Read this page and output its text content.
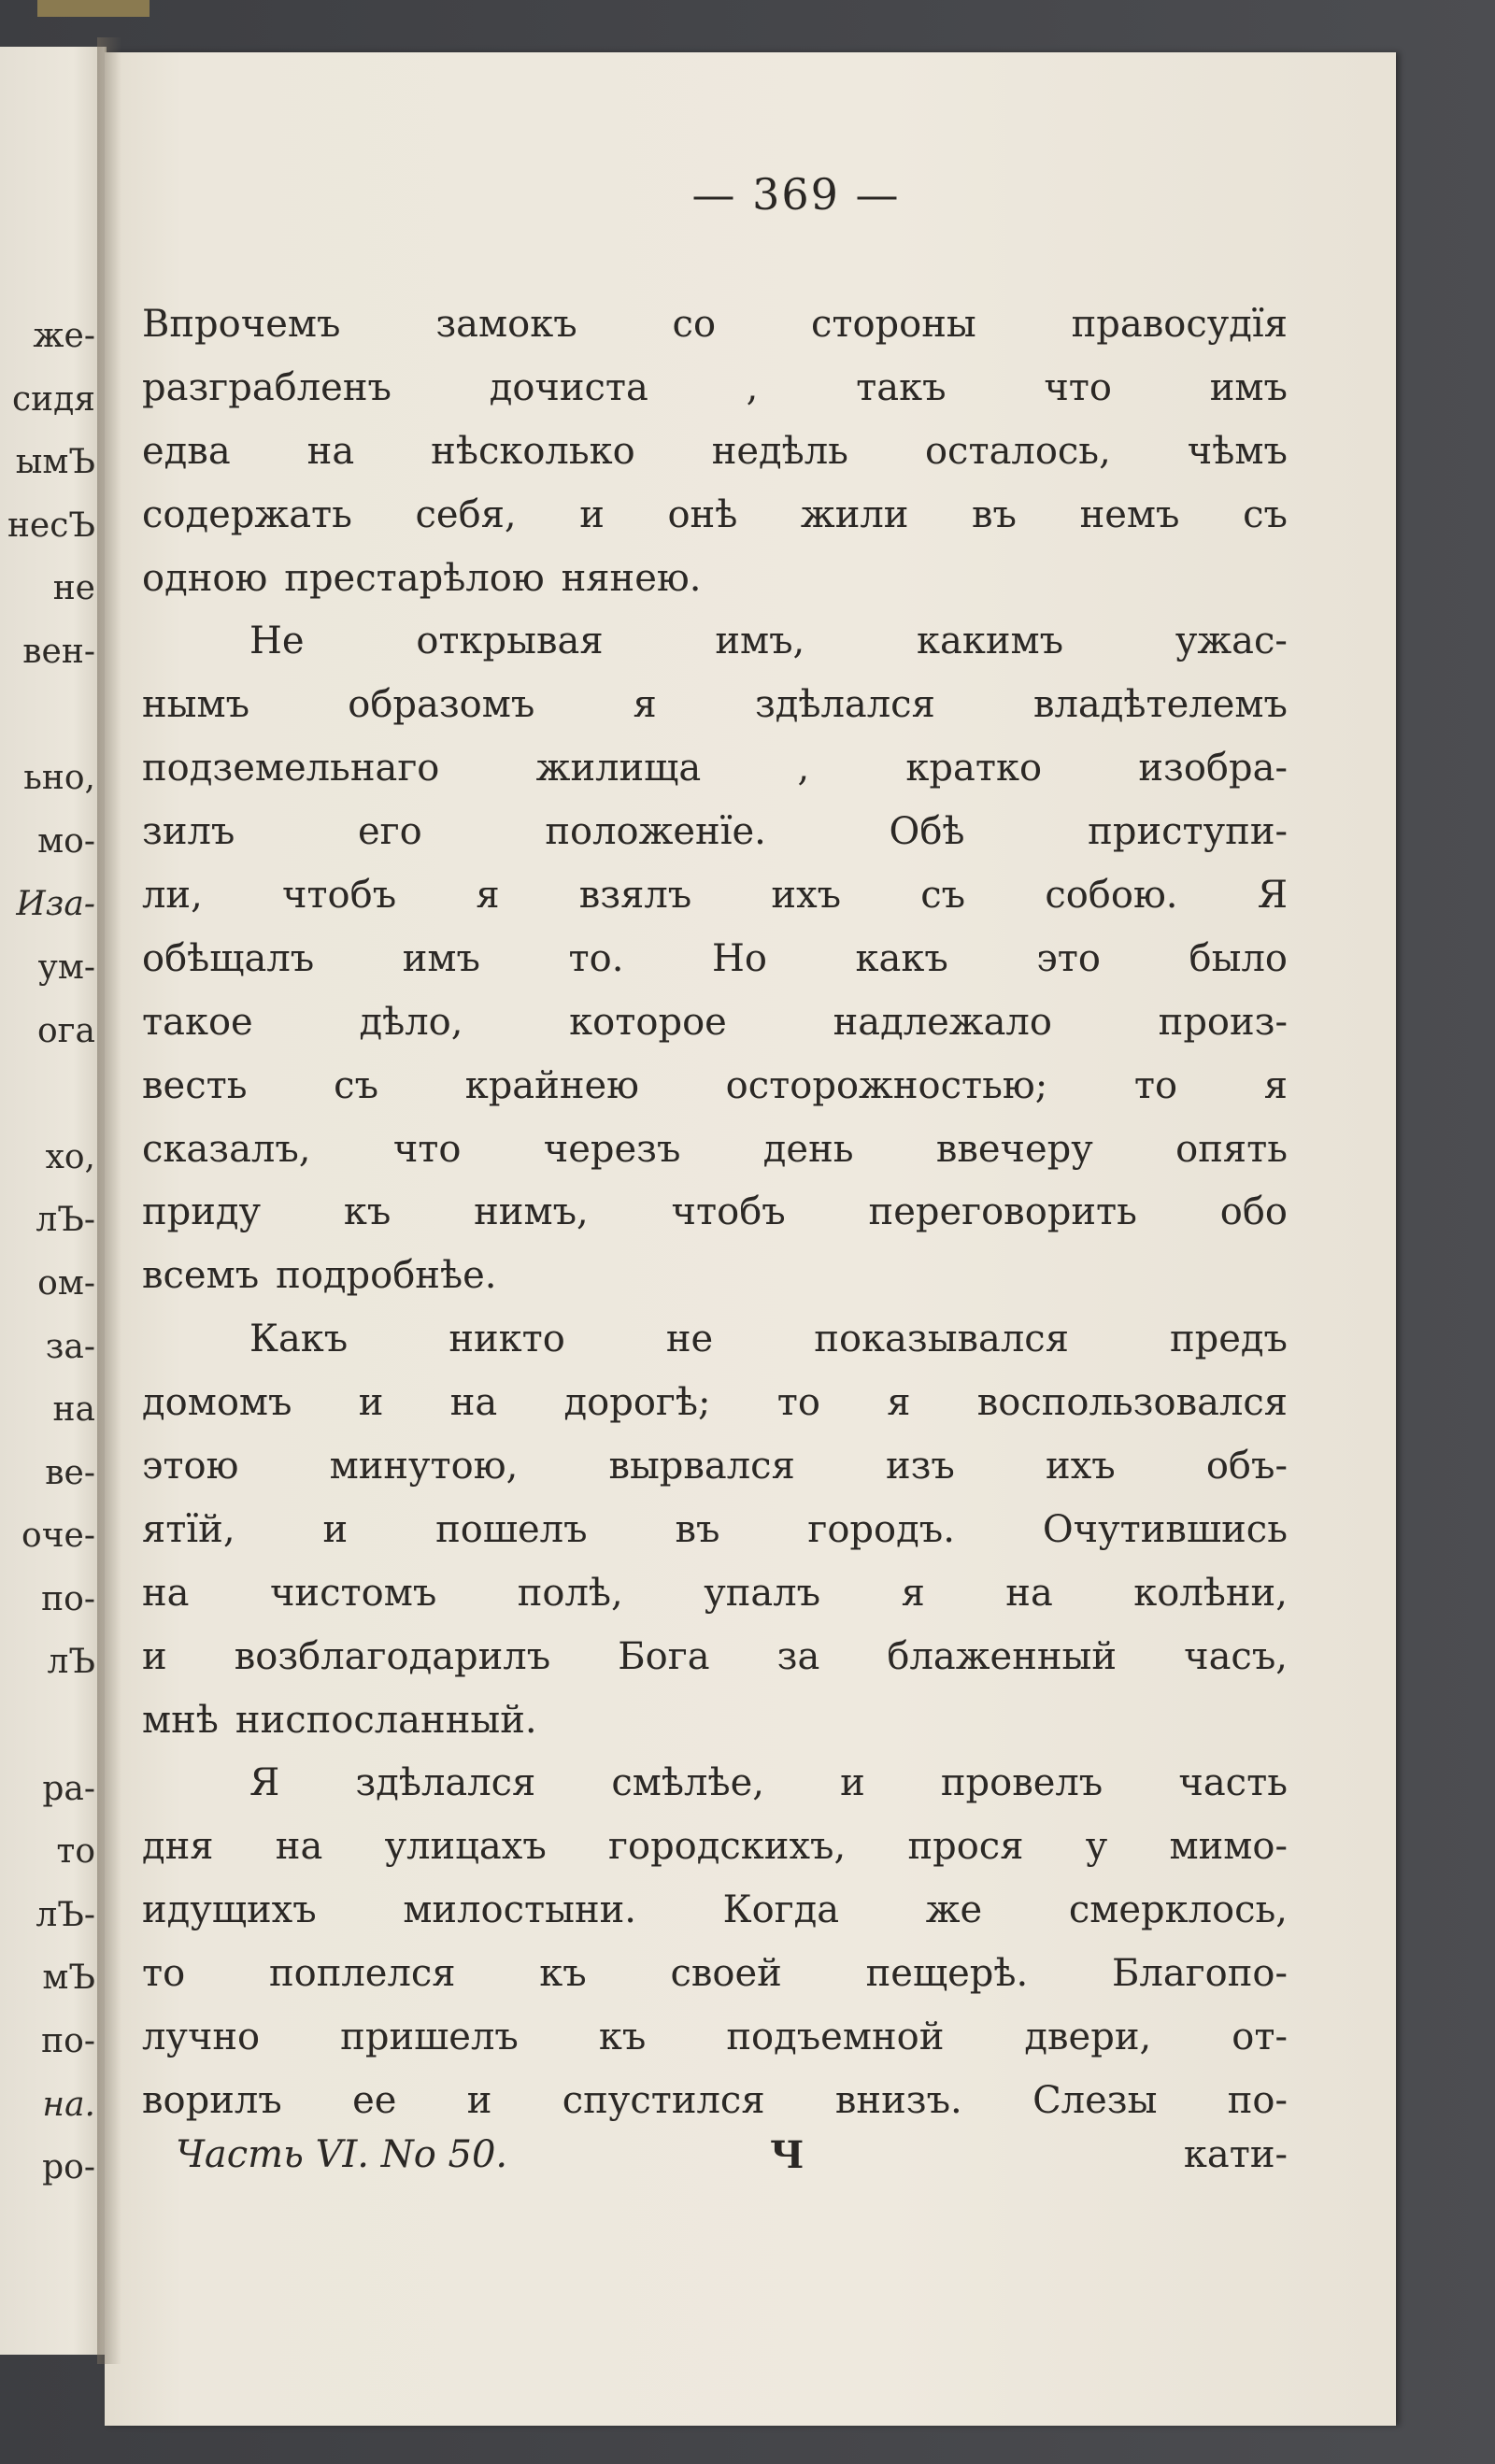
же-
сидя
ымЪ
несЪ
не
вен-
ьно,
мо-
Иза-
ум-
ога
хо,
лЪ-
ом-
за-
на
ве-
оче-
по-
лЪ
ра-
то
лЪ-
мЪ
по-
на.
ро-
— 369 —
Впрочемъ	замокъ	со	стороны	правосудїя
разграбленъ	дочиста	,	такъ	что	имъ
едва на нѣсколько недѣль осталось, чѣмъ
содержать себя, и онѣ жили въ немъ съ
одною престарѣлою нянею.
Не	открывая	имъ,	какимъ	ужас-
нымъ	образомъ	я	здѣлался	владѣтелемъ
подземельнаго	жилища	,	кратко	изобра-
зилъ	его	положенїе.	Обѣ	приступи-
ли, чтобъ я взялъ ихъ съ собою. Я
обѣщалъ имъ то. Но какъ это было
такое	дѣло,	которое	надлежало	произ-
весть съ крайнею осторожностью; то я
сказалъ, что черезъ день ввечеру опять
приду къ нимъ, чтобъ переговорить обо
всемъ подробнѣе.
Какъ	никто	не	показывался	предъ
домомъ и на дорогѣ; то я воспользовался
этою минутою, вырвался изъ ихъ объ-
ятїй, и пошелъ въ городъ. Очутившись
на чистомъ полѣ, упалъ я на колѣни,
и возблагодарилъ Бога за блаженный часъ,
мнѣ ниспосланный.
Я здѣлался смѣлѣе, и провелъ часть
дня на улицахъ городскихъ, прося у мимо-
идущихъ милостыни. Когда же смерклось,
то поплелся къ своей пещерѣ. Благопо-
лучно пришелъ къ подъемной двери, от-
ворилъ ее и спустился внизъ. Слезы по-
Часть VI. No 50.	Ч	кати-
